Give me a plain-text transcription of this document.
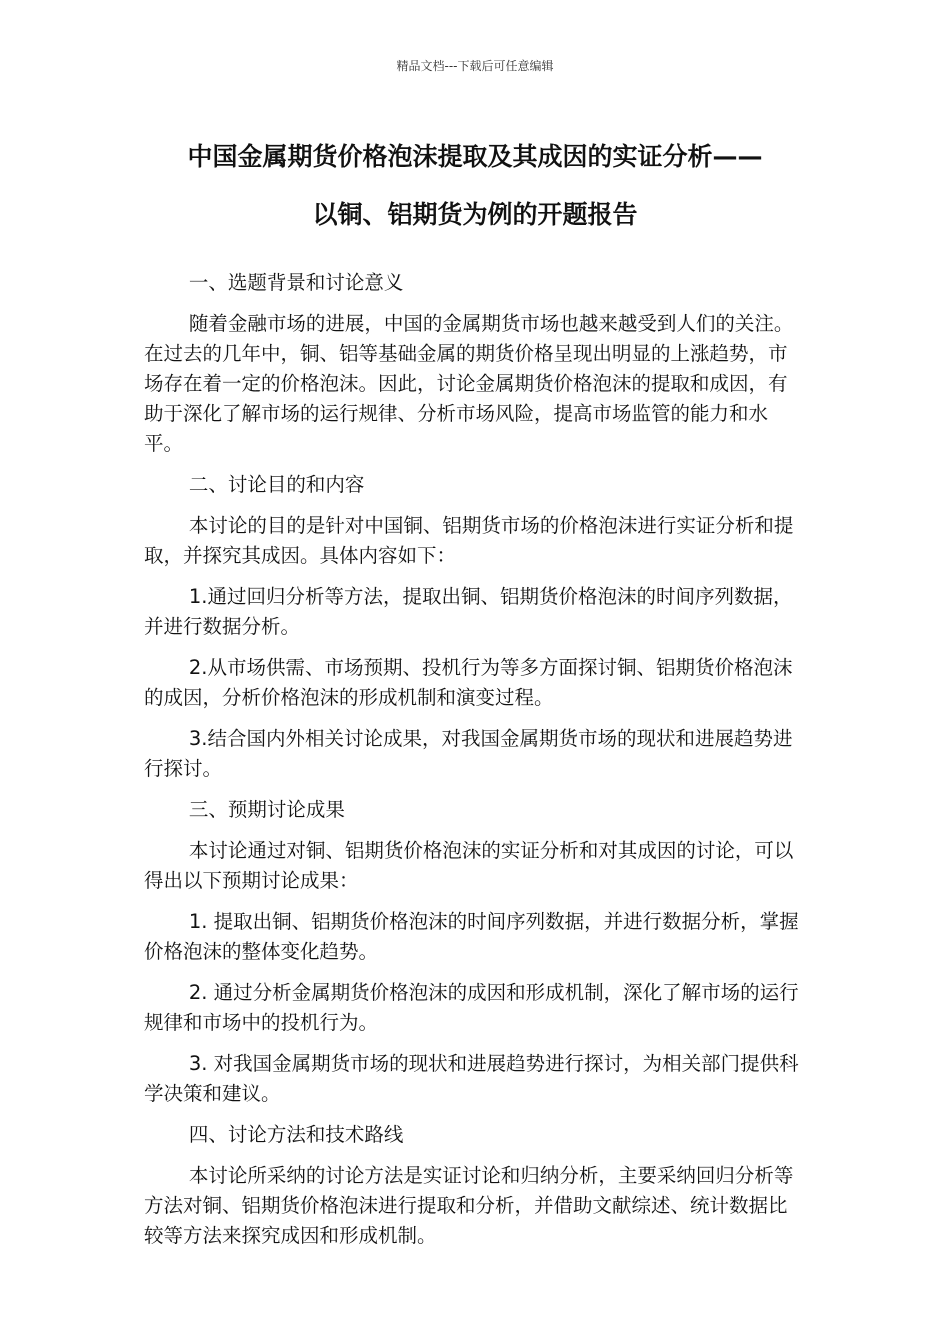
精品文档---下载后可任意编辑
中国金属期货价格泡沫提取及其成因的实证分析——
以铜、铝期货为例的开题报告

一、选题背景和讨论意义

随着金融市场的进展，中国的金属期货市场也越来越受到人们的关注。在过去的几年中，铜、铝等基础金属的期货价格呈现出明显的上涨趋势，市场存在着一定的价格泡沫。因此，讨论金属期货价格泡沫的提取和成因，有助于深化了解市场的运行规律、分析市场风险，提高市场监管的能力和水平。

二、讨论目的和内容

本讨论的目的是针对中国铜、铝期货市场的价格泡沫进行实证分析和提取，并探究其成因。具体内容如下：

1.通过回归分析等方法，提取出铜、铝期货价格泡沫的时间序列数据，并进行数据分析。

2.从市场供需、市场预期、投机行为等多方面探讨铜、铝期货价格泡沫的成因，分析价格泡沫的形成机制和演变过程。

3.结合国内外相关讨论成果，对我国金属期货市场的现状和进展趋势进行探讨。

三、预期讨论成果

本讨论通过对铜、铝期货价格泡沫的实证分析和对其成因的讨论，可以得出以下预期讨论成果：

1. 提取出铜、铝期货价格泡沫的时间序列数据，并进行数据分析，掌握价格泡沫的整体变化趋势。

2. 通过分析金属期货价格泡沫的成因和形成机制，深化了解市场的运行规律和市场中的投机行为。

3. 对我国金属期货市场的现状和进展趋势进行探讨，为相关部门提供科学决策和建议。

四、讨论方法和技术路线

本讨论所采纳的讨论方法是实证讨论和归纳分析，主要采纳回归分析等方法对铜、铝期货价格泡沫进行提取和分析，并借助文献综述、统计数据比较等方法来探究成因和形成机制。
